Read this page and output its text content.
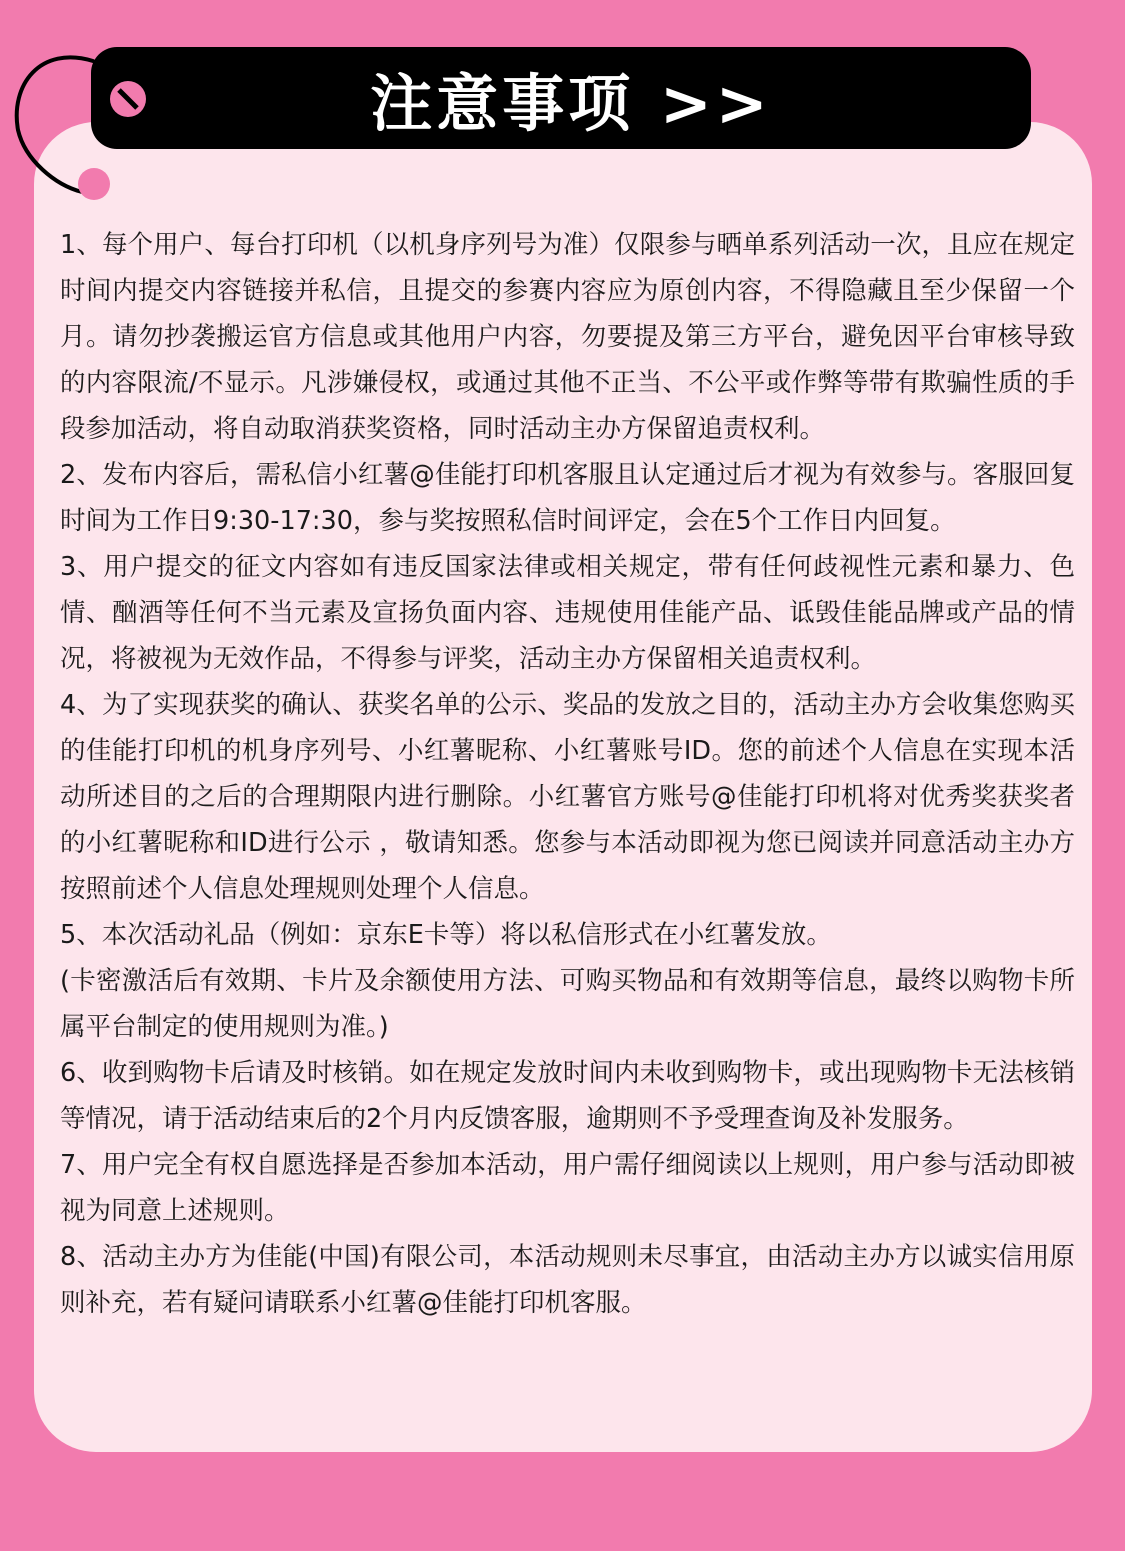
注意事项 >>
1、每个用户、每台打印机（以机身序列号为准）仅限参与晒单系列活动一次，且应在规定时间内提交内容链接并私信，且提交的参赛内容应为原创内容，不得隐藏且至少保留一个月。请勿抄袭搬运官方信息或其他用户内容，勿要提及第三方平台，避免因平台审核导致的内容限流/不显示。凡涉嫌侵权，或通过其他不正当、不公平或作弊等带有欺骗性质的手段参加活动，将自动取消获奖资格，同时活动主办方保留追责权利。
2、发布内容后，需私信小红薯@佳能打印机客服且认定通过后才视为有效参与。客服回复时间为工作日9:30-17:30，参与奖按照私信时间评定，会在5个工作日内回复。
3、用户提交的征文内容如有违反国家法律或相关规定，带有任何歧视性元素和暴力、色情、酗酒等任何不当元素及宣扬负面内容、违规使用佳能产品、诋毁佳能品牌或产品的情况，将被视为无效作品，不得参与评奖，活动主办方保留相关追责权利。
4、为了实现获奖的确认、获奖名单的公示、奖品的发放之目的，活动主办方会收集您购买的佳能打印机的机身序列号、小红薯昵称、小红薯账号ID。您的前述个人信息在实现本活动所述目的之后的合理期限内进行删除。小红薯官方账号@佳能打印机将对优秀奖获奖者的小红薯昵称和ID进行公示 ，敬请知悉。您参与本活动即视为您已阅读并同意活动主办方按照前述个人信息处理规则处理个人信息。
5、本次活动礼品（例如：京东E卡等）将以私信形式在小红薯发放。
(卡密激活后有效期、卡片及余额使用方法、可购买物品和有效期等信息，最终以购物卡所属平台制定的使用规则为准。)
6、收到购物卡后请及时核销。如在规定发放时间内未收到购物卡，或出现购物卡无法核销等情况，请于活动结束后的2个月内反馈客服，逾期则不予受理查询及补发服务。
7、用户完全有权自愿选择是否参加本活动，用户需仔细阅读以上规则，用户参与活动即被视为同意上述规则。
8、活动主办方为佳能(中国)有限公司，本活动规则未尽事宜，由活动主办方以诚实信用原则补充，若有疑问请联系小红薯@佳能打印机客服。
